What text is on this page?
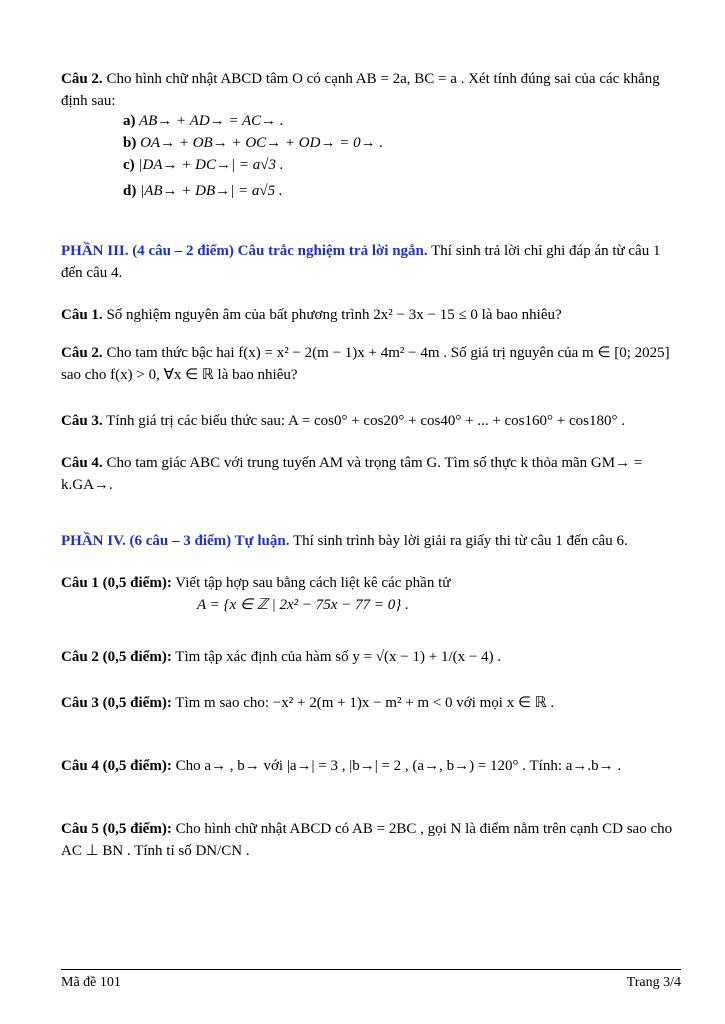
Câu 2. Cho hình chữ nhật ABCD tâm O có cạnh AB = 2a, BC = a . Xét tính đúng sai của các khẳng định sau:
a) AB→ + AD→ = AC→ .
b) OA→ + OB→ + OC→ + OD→ = 0→ .
c) |DA→ + DC→| = a√3 .
d) |AB→ + DB→| = a√5 .
PHẦN III. (4 câu – 2 điểm) Câu trắc nghiệm trả lời ngắn. Thí sinh trả lời chỉ ghi đáp án từ câu 1 đến câu 4.
Câu 1. Số nghiệm nguyên âm của bất phương trình 2x² − 3x − 15 ≤ 0 là bao nhiêu?
Câu 2. Cho tam thức bậc hai f(x) = x² − 2(m − 1)x + 4m² − 4m . Số giá trị nguyên của m ∈ [0; 2025] sao cho f(x) > 0, ∀x ∈ ℝ là bao nhiêu?
Câu 3. Tính giá trị các biểu thức sau: A = cos0° + cos20° + cos40° + ... + cos160° + cos180° .
Câu 4. Cho tam giác ABC với trung tuyến AM và trọng tâm G. Tìm số thực k thỏa mãn GM→ = k.GA→.
PHẦN IV. (6 câu – 3 điểm) Tự luận. Thí sinh trình bày lời giải ra giấy thi từ câu 1 đến câu 6.
Câu 1 (0,5 điểm): Viết tập hợp sau bằng cách liệt kê các phần tử
A = {x ∈ ℤ | 2x² − 75x − 77 = 0} .
Câu 2 (0,5 điểm): Tìm tập xác định của hàm số y = √(x − 1) + 1/(x − 4) .
Câu 3 (0,5 điểm): Tìm m sao cho: −x² + 2(m + 1)x − m² + m < 0 với mọi x ∈ ℝ .
Câu 4 (0,5 điểm): Cho a→ , b→ với |a→| = 3 , |b→| = 2 , (a→, b→) = 120° . Tính: a→.b→ .
Câu 5 (0,5 điểm): Cho hình chữ nhật ABCD có AB = 2BC , gọi N là điểm nằm trên cạnh CD sao cho AC ⊥ BN . Tính tỉ số DN/CN .
Mã đề 101	Trang 3/4
